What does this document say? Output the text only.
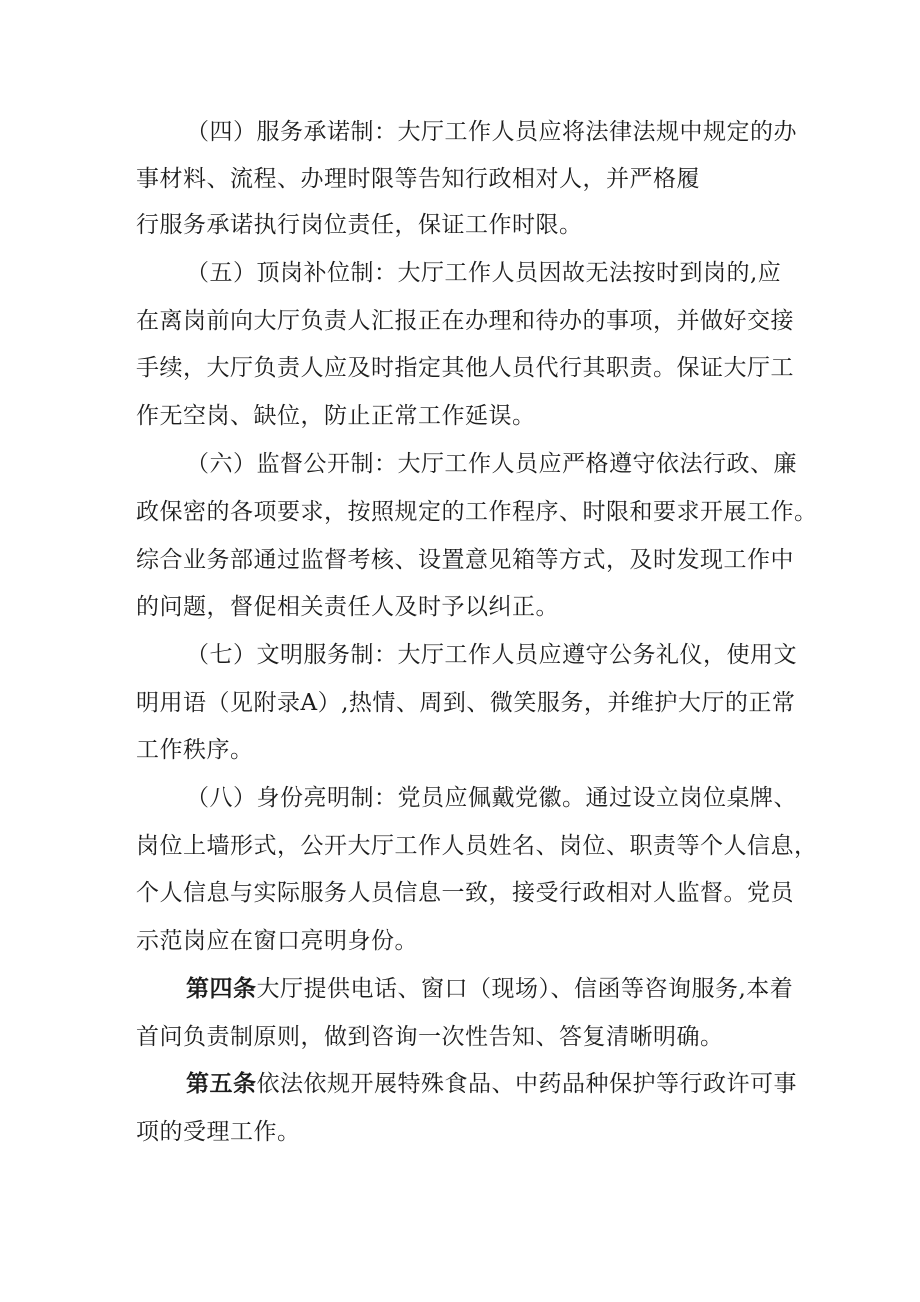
（四）服务承诺制：大厅工作人员应将法律法规中规定的办

事材料、流程、办理时限等告知行政相对人，并严格履

行服务承诺执行岗位责任，保证工作时限。

（五）顶岗补位制：大厅工作人员因故无法按时到岗的,应

在离岗前向大厅负责人汇报正在办理和待办的事项，并做好交接

手续，大厅负责人应及时指定其他人员代行其职责。保证大厅工

作无空岗、缺位，防止正常工作延误。

（六）监督公开制：大厅工作人员应严格遵守依法行政、廉

政保密的各项要求，按照规定的工作程序、时限和要求开展工作。

综合业务部通过监督考核、设置意见箱等方式，及时发现工作中

的问题，督促相关责任人及时予以纠正。

（七）文明服务制：大厅工作人员应遵守公务礼仪，使用文

明用语（见附录A）,热情、周到、微笑服务，并维护大厅的正常

工作秩序。

（八）身份亮明制：党员应佩戴党徽。通过设立岗位桌牌、

岗位上墙形式，公开大厅工作人员姓名、岗位、职责等个人信息，

个人信息与实际服务人员信息一致，接受行政相对人监督。党员

示范岗应在窗口亮明身份。

第四条大厅提供电话、窗口（现场）、信函等咨询服务,本着

首问负责制原则，做到咨询一次性告知、答复清晰明确。

第五条依法依规开展特殊食品、中药品种保护等行政许可事

项的受理工作。
